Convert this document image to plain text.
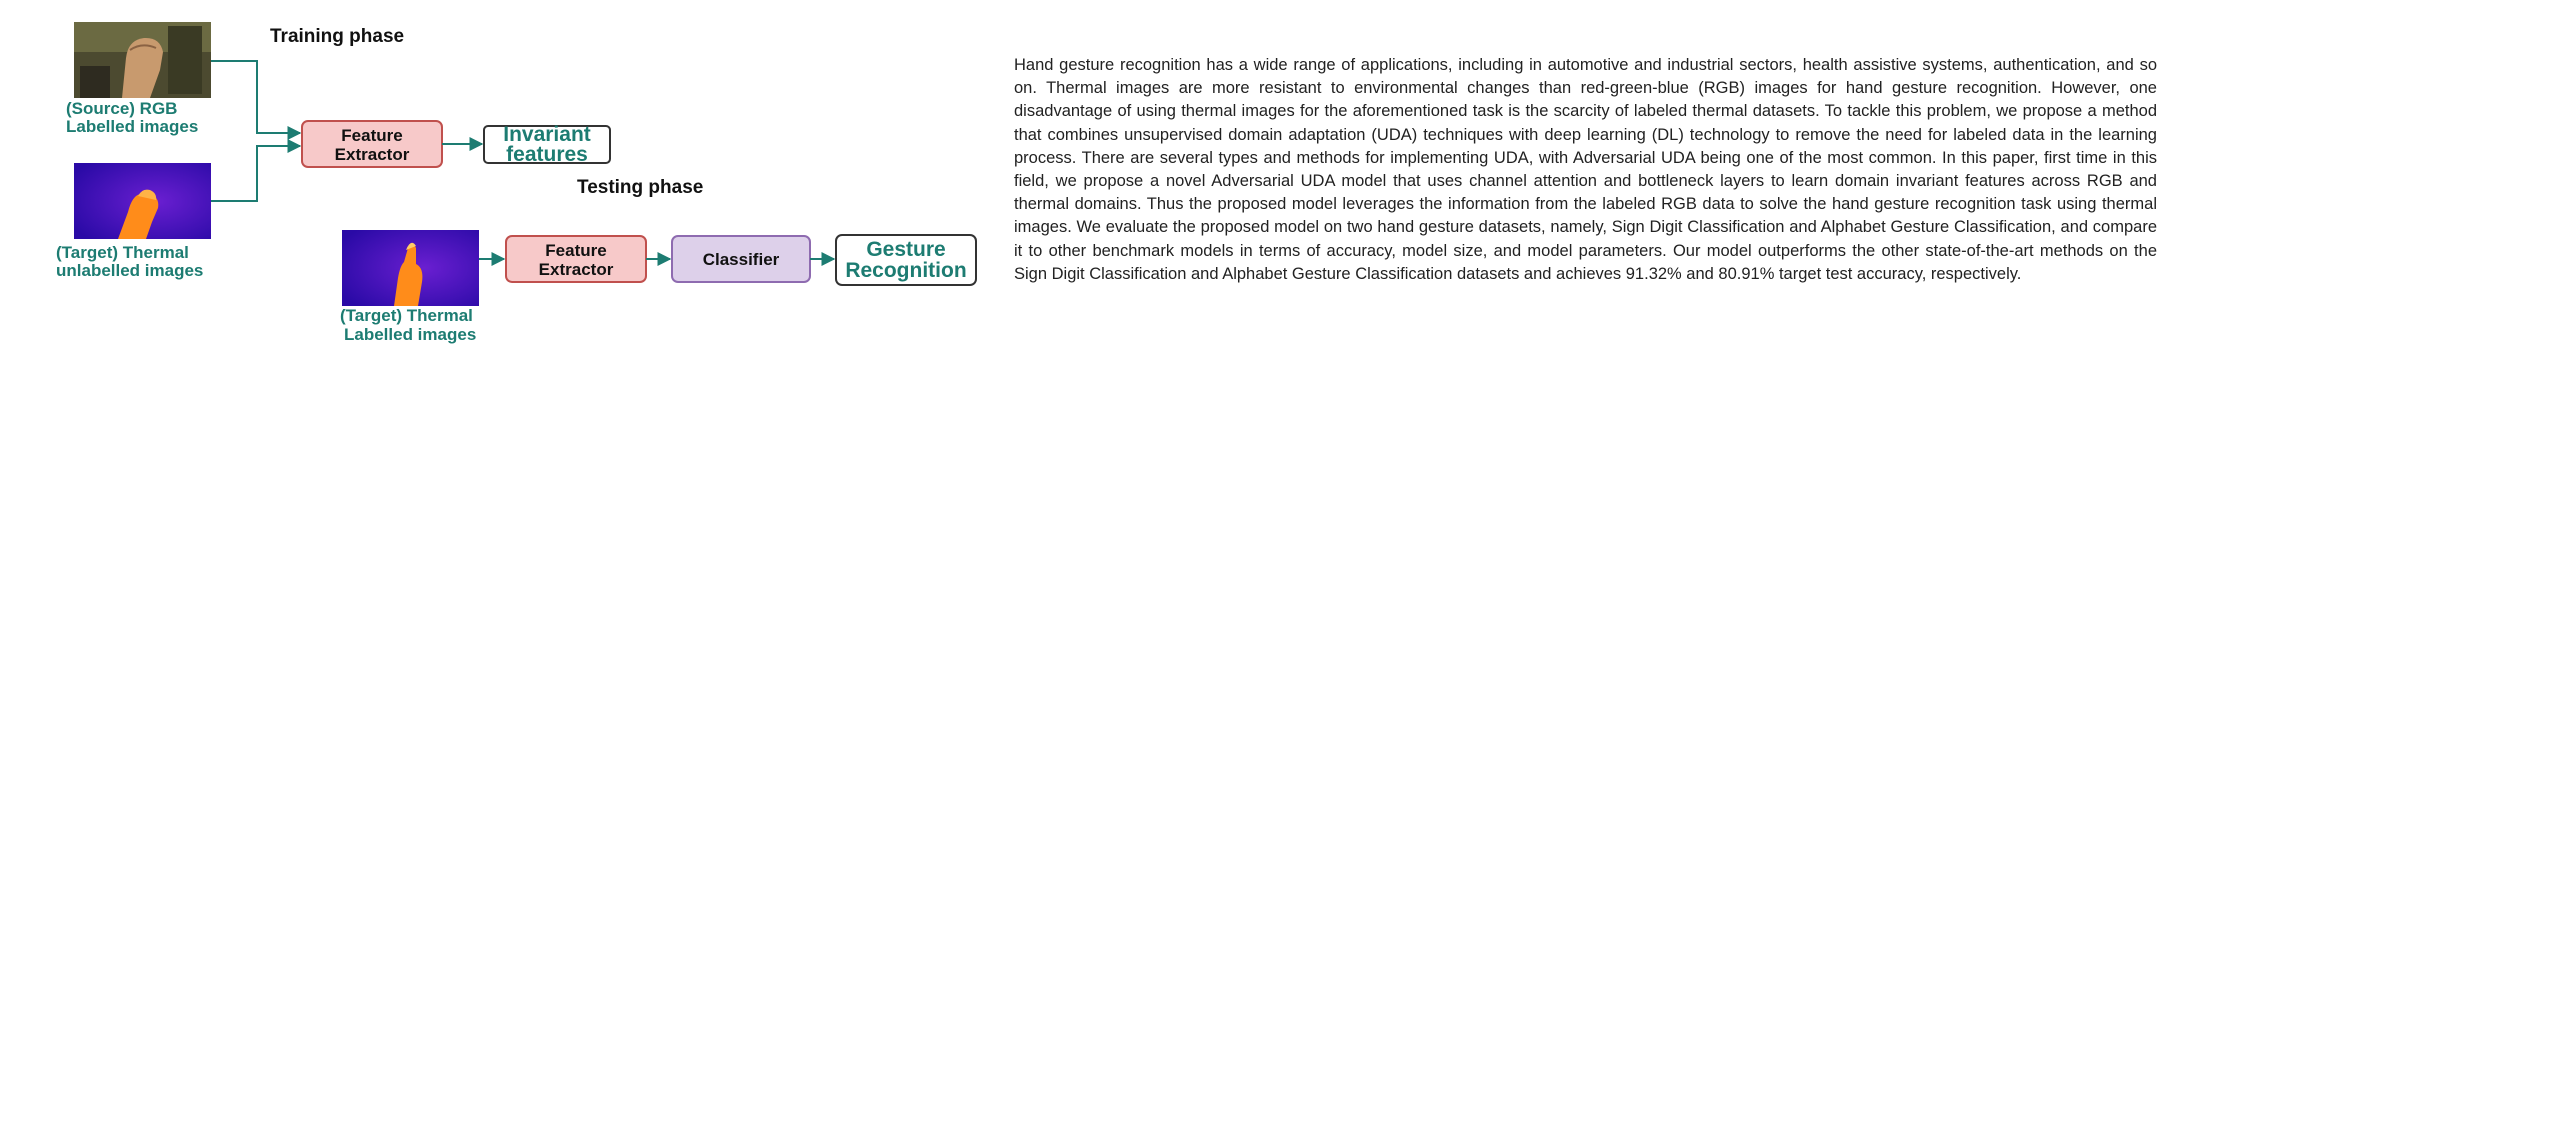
Training phase
Testing phase
(Source) RGB
Labelled images
(Target) Thermal
unlabelled images
Feature
Extractor
Invariant
features
(Target) Thermal
Labelled images
Feature
Extractor
Classifier	Gesture
Recognition

Hand gesture recognition has a wide range of applications, including in automotive and industrial sectors, health assistive systems, authentication, and so on. Thermal images are more resistant to environmental changes than red-green-blue (RGB) images for hand gesture recognition. However, one disadvantage of using thermal images for the aforementioned task is the scarcity of labeled thermal datasets. To tackle this problem, we propose a method that combines unsupervised domain adaptation (UDA) techniques with deep learning (DL) technology to remove the need for labeled data in the learning process. There are several types and methods for implementing UDA, with Adversarial UDA being one of the most common. In this paper, first time in this field, we propose a novel Adversarial UDA model that uses channel attention and bottleneck layers to learn domain invariant features across RGB and thermal domains. Thus the proposed model leverages the information from the labeled RGB data to solve the hand gesture recognition task using thermal images. We evaluate the proposed model on two hand gesture datasets, namely, Sign Digit Classification and Alphabet Gesture Classification, and compare it to other benchmark models in terms of accuracy, model size, and model parameters. Our model outperforms the other state-of-the-art methods on the Sign Digit Classification and Alphabet Gesture Classification datasets and achieves 91.32% and 80.91% target test accuracy, respectively.
